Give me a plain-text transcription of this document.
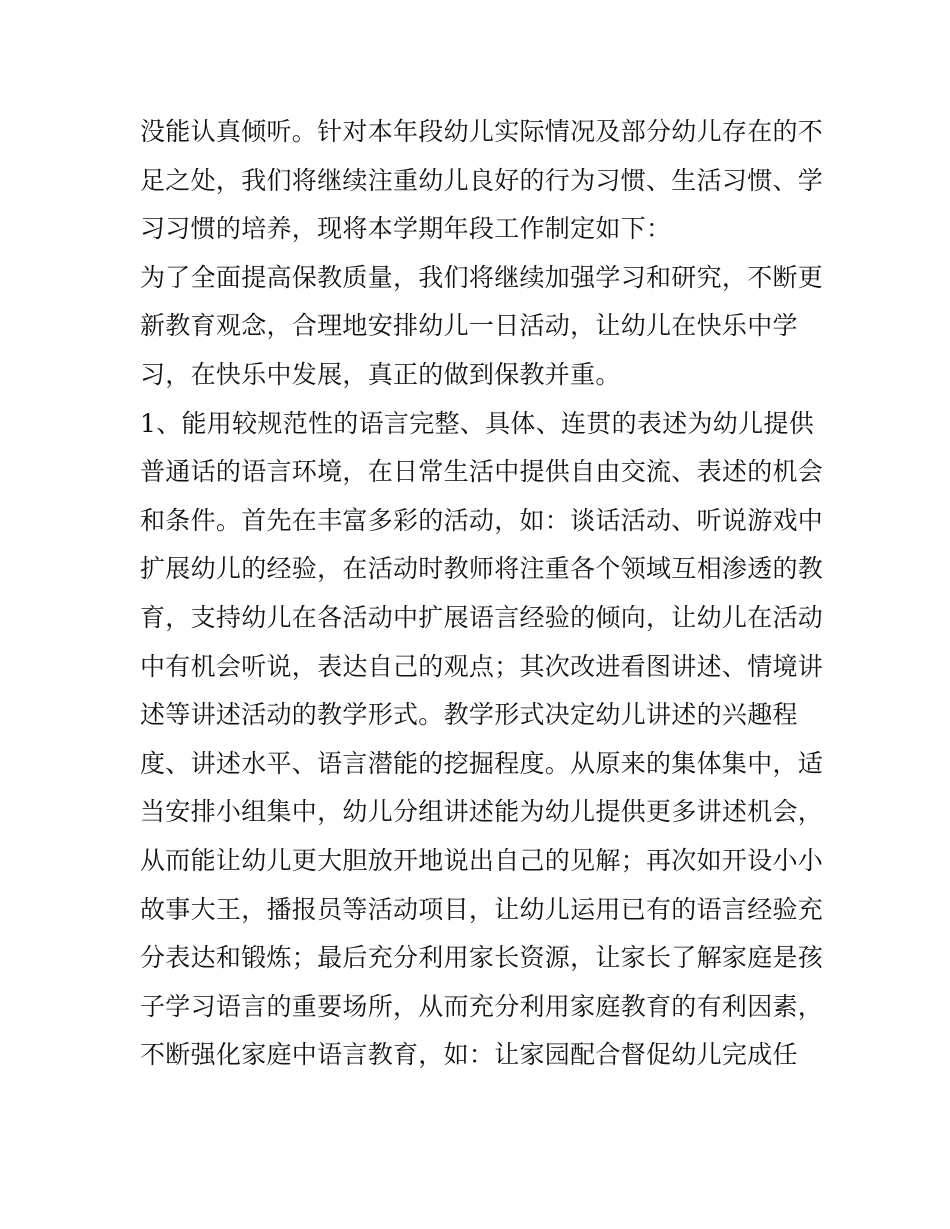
没能认真倾听。针对本年段幼儿实际情况及部分幼儿存在的不
足之处，我们将继续注重幼儿良好的行为习惯、生活习惯、学
习习惯的培养，现将本学期年段工作制定如下：

为了全面提高保教质量，我们将继续加强学习和研究，不断更
新教育观念，合理地安排幼儿一日活动，让幼儿在快乐中学
习，在快乐中发展，真正的做到保教并重。

1、能用较规范性的语言完整、具体、连贯的表述为幼儿提供
普通话的语言环境，在日常生活中提供自由交流、表述的机会
和条件。首先在丰富多彩的活动，如：谈话活动、听说游戏中
扩展幼儿的经验，在活动时教师将注重各个领域互相渗透的教
育，支持幼儿在各活动中扩展语言经验的倾向，让幼儿在活动
中有机会听说，表达自己的观点；其次改进看图讲述、情境讲
述等讲述活动的教学形式。教学形式决定幼儿讲述的兴趣程
度、讲述水平、语言潜能的挖掘程度。从原来的集体集中，适
当安排小组集中，幼儿分组讲述能为幼儿提供更多讲述机会，
从而能让幼儿更大胆放开地说出自己的见解；再次如开设小小
故事大王，播报员等活动项目，让幼儿运用已有的语言经验充
分表达和锻炼；最后充分利用家长资源，让家长了解家庭是孩
子学习语言的重要场所，从而充分利用家庭教育的有利因素，
不断强化家庭中语言教育，如：让家园配合督促幼儿完成任
